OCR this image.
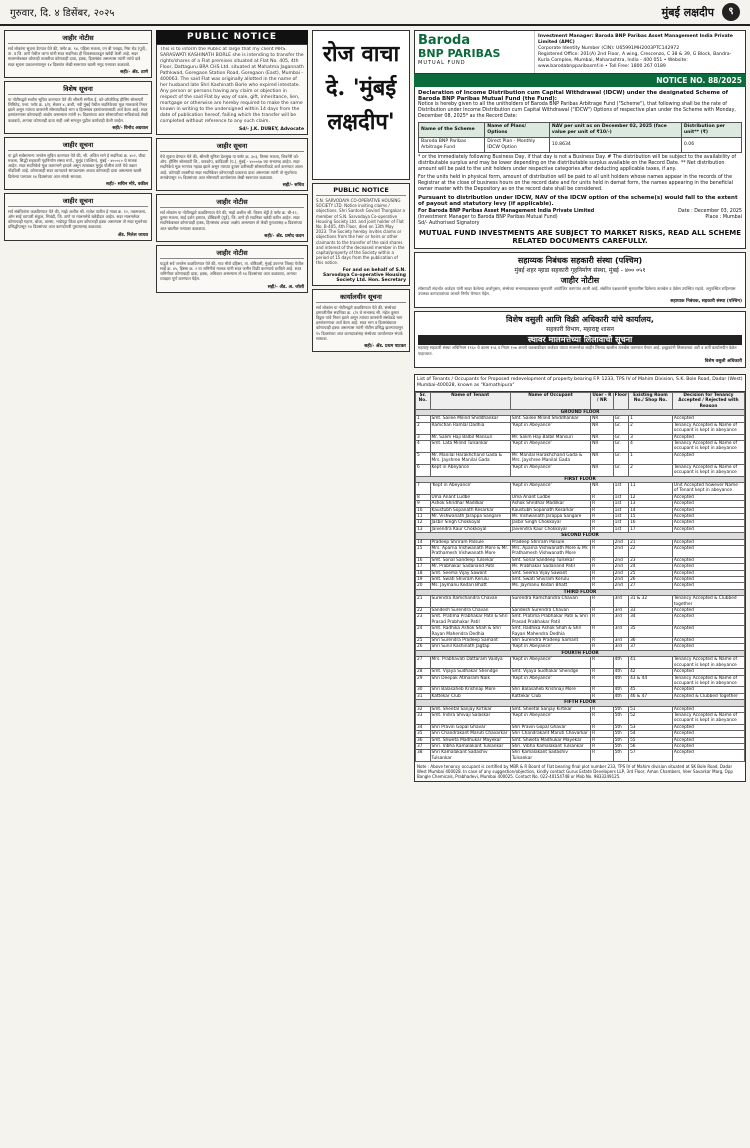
गुरुवार, दि. ४ डिसेंबर, २०२५	मुंबई लक्षदीप	९
जाहीर नोटीस
सर्व लोकांना सूचना देण्यात येते की, फ्लॅट क्र. ९४, पहिला मजला, एन बी प्लाझा, मिरा रोड (पूर्व), ता. व जि. ठाणे येथील जागा यांनी सदर सदनिका ही विकसकाकडून खरेदी केली आहे. सदर मालमत्तेबाबत कोणाही व्यक्तीचा कोणताही दावा, हक्क, हितसंबंध असल्यास त्यांनी त्यांचे दावे सदर सूचना प्रकाशनापासून १४ दिवसांत लेखी स्वरूपात खाली नमूद पत्त्यावर कळवावे.
सही/- ॲड. ठाणे
विशेष सूचना
या नोटीसद्वारे सर्वांना सूचित करण्यात येते की श्रीमती संगीता ई. को-ऑपरेटिव्ह हौसिंग सोसायटी लिमिटेड, पत्ता: प्लॉट क्र. ३/ए, सेक्टर ४, वाशी, नवी मुंबई येथील सदनिकेच्या मूळ मालकाचे निधन झाले असून त्यांच्या वारसांनी सोसायटीकडे भाग व हितसंबंध हस्तांतरणासाठी अर्ज केला आहे. सदर हस्तांतरणास कोणाचाही आक्षेप असल्यास त्यांनी १५ दिवसांच्या आत सोसायटीच्या सचिवांकडे लेखी कळवावे, अन्यथा कोणताही दावा नाही असे समजून पुढील कार्यवाही केली जाईल.
सही/- विनोद अग्रवाल
जाहीर सूचना
या द्वारे सर्वसामान्य जनतेस सूचित करण्यात येते की, श्री. अजित माने हे सदनिका क्र. ४०२, चौथा मजला, सिद्धी सहकारी गृहनिर्माण संस्था मर्या., मुलुंड (पश्चिम), मुंबई - ४०००८० चे मालक आहेत. सदर सदनिकेचे मूळ करारनामे हरवले असून त्याबाबत मुलुंड पोलीस ठाणे येथे तक्रार नोंदविली आहे. कोणालाही सदर कागदपत्रे सापडल्यास अथवा कोणताही दावा असल्यास खाली दिलेल्या पत्त्यावर १४ दिवसांच्या आत संपर्क साधावा.
सही/- सचिन मोरे, वकील
जाहीर सूचना
सर्व संबंधितांना कळविण्यात येते की, माझे अशील श्री. राजेश पाटील हे गाळा क्र. १२, तळमजला, ओम साई व्यापारी संकुल, भिवंडी, जि. ठाणे या मालमत्तेचे खरेदीदार आहेत. सदर मालमत्तेवर कोणाचाही गहाण, बोजा, वारसा, भाडेपट्टा किंवा इतर कोणताही हक्क असल्यास तो सदर सूचनेच्या प्रसिद्धीपासून १४ दिवसांच्या आत कागदोपत्री पुराव्यासह कळवावा.
ॲड. निलेश जाधव
PUBLIC NOTICE
This is to inform the Public at large that my client MRS. SARASWATI KASHINATH BORLE she is intending to transfer the rights/shares of a Flat premises situated at Flat No. 405, 4th Floor, Dattaguru BRA CHS Ltd. situated at Mahatma Jagannath Pathkwad, Goregaon Station Road, Goregaon (East), Mumbai - 400063. The said Flat was originally allotted in the name of her husband late Shri Kashinath Borle who expired intestate. Any person or persons having any claim or objection in respect of the said Flat by way of sale, gift, inheritance, lien, mortgage or otherwise are hereby required to make the same known in writing to the undersigned within 14 days from the date of publication hereof, failing which the transfer will be completed without reference to any such claim.
Sd/- J.K. DUBEY, Advocate
जाहीर सूचना
येथे सूचना देण्यात येते की, श्रीमती सुनिता देशमुख या फ्लॅट क्र. ३०३, तिसरा मजला, शिवनेरी को-ऑप. हौसिंग सोसायटी लि., चारकोप, कांदिवली (प.), मुंबई - ४०००६७ च्या सभासद आहेत. सदर सदनिकेचे मूळ भागपत्र गहाळ झाले असून त्याच्या दुय्यम प्रतीसाठी सोसायटीकडे अर्ज करण्यात आला आहे. कोणाही व्यक्तीचा सदर सदनिकेवर कोणत्याही प्रकारचा दावा असल्यास त्यांनी तो सूचनेच्या तारखेपासून १५ दिवसांच्या आत सोसायटी कार्यालयात लेखी स्वरूपात कळवावा.
सही/- सचिव
जाहीर नोटीस
सर्व लोकांस या नोटीसद्वारे कळविण्यात येते की, माझे अशील श्री. किरण शेट्टी हे फ्लॅट क्र. बी-१२, दुसरा मजला, साई दर्शन इमारत, डोंबिवली (पूर्व), जि. ठाणे ही सदनिका खरेदी करीत आहेत. सदर सदनिकेबाबत कोणाचाही हक्क, हितसंबंध अथवा आक्षेप असल्यास तो लेखी पुराव्यासह ७ दिवसांच्या आत खालील पत्त्यावर कळवावा.
सही/- ॲड. प्रमोद कदम
जाहीर नोटीस
याद्वारे सर्व जनतेस कळविण्यात येते की, गाव मौजे दहिसर, ता. बोरिवली, मुंबई उपनगर जिल्हा येथील सर्व्हे क्र. ४५, हिस्सा क्र. २ या जमिनीचे मालक यांनी सदर जमीन विक्री करण्याचे ठरविले आहे. सदर जमिनीवर कोणाचाही दावा, हक्क, अधिकार असल्यास तो १४ दिवसांच्या आत कळवावा, अन्यथा व्यवहार पूर्ण करण्यात येईल.
सही/- ॲड. अ. जोशी
रोज वाचा दे. 'मुंबई लक्षदीप'
PUBLIC NOTICE
S.N. SARVODAYA CO-OPERATIVE HOUSING SOCIETY LTD. Notice inviting claims / objections. Shri Santosh Govind Thorgakar a member of S.N. Sarvodaya Co-operative Housing Society Ltd. and joint holder of Flat No. B-405, 4th Floor, died on 13th May 2023. The Society hereby invites claims or objections from the heir or heirs or other claimants to the transfer of the said shares and interest of the deceased member in the capital/property of the Society within a period of 15 days from the publication of this notice.
For and on behalf of S.N. Sarvodaya Co-operative Housing Society Ltd. Hon. Secretary
कार्यालयीन सूचना
सर्व लोकांस या नोटीसद्वारे कळविण्यात येते की, संस्थेच्या इमारतीतील सदनिका क्र. ८/१ चे सभासद श्री. महेश कुमार विठ्ठल यांचे निधन झाले असून त्यांच्या वारसांनी संस्थेकडे भाग हस्तांतरणाचा अर्ज केला आहे. सदर भाग व हितसंबंधावर कोणाचाही हक्क असल्यास त्यांनी नोटीस प्रसिद्ध झाल्यापासून १५ दिवसांच्या आत कागदपत्रांसह संस्थेच्या कार्यालयात संपर्क साधावा.
सही/- ॲड. प्रथम पाटकर
Baroda
BNP PARIBAS
MUTUAL FUND
Investment Manager: Baroda BNP Paribas Asset Management India Private Limited (AMC)
Corporate Identity Number (CIN): U65991MH2003PTC142972
Registered Office: 201(A) 2nd Floor, A wing, Crescenzo, C 38 & 39, G Block, Bandra-Kurla Complex, Mumbai, Maharashtra, India - 400 051 • Website: www.barodabnpparibasmf.in • Toll Free: 1800 267 0189
NOTICE NO. 88/2025
Declaration of Income Distribution cum Capital Withdrawal (IDCW) under the designated Scheme of Baroda BNP Paribas Mutual Fund (the Fund):
Notice is hereby given to all the unitholders of Baroda BNP Paribas Arbitrage Fund ("Scheme"), that following shall be the rate of Distribution under Income Distribution cum Capital Withdrawal ("IDCW") Options of respective plan under the Scheme with Monday, December 08, 2025* as the Record Date:
Name of the Scheme	Name of Plans/ Options	NAV per unit as on December 02, 2025 (face value per unit of ₹10/-)	Distribution per unit** (₹)
Baroda BNP Paribas Arbitrage Fund	Direct Plan - Monthly IDCW Option	10.8634	0.06
* or the immediately following Business Day, if that day is not a Business Day. # The distribution will be subject to the availability of distributable surplus and may be lower depending on the distributable surplus available on the Record Date. ** Net distribution amount will be paid to the unit holders under respective categories after deducting applicable taxes, if any.
For the units held in physical form, amount of distribution will be paid to all unit holders whose names appear in the records of the Registrar at the close of business hours on the record date and for units held in demat form, the names appearing in the beneficial owner master with the Depository as on the record date shall be considered.
Pursuant to distribution under IDCW, NAV of the IDCW option of the scheme(s) would fall to the extent of payout and statutory levy (if applicable).
For Baroda BNP Paribas Asset Management India Private Limited
(Investment Manager to Baroda BNP Paribas Mutual Fund)
Sd/- Authorised Signatory
Date : December 03, 2025
Place : Mumbai
MUTUAL FUND INVESTMENTS ARE SUBJECT TO MARKET RISKS, READ ALL SCHEME RELATED DOCUMENTS CAREFULLY.
सहाय्यक निबंधक सहकारी संस्था (पश्चिम)
मुंबई शहर म्हाडा सहकारी गृहनिर्माण संस्था, मुंबई - ४०० ०५१
जाहीर नोटीस
सोसायटी संदर्भात अर्जदार यांनी सादर केलेल्या अर्जानुसार, संस्थेच्या सभासदत्वाबाबत सुनावणी आयोजित करण्यात आली आहे. संबंधित पक्षकारांनी सुनावणीस दिलेल्या तारखेस व वेळेस उपस्थित राहावे. अनुपस्थित राहिल्यास उपलब्ध कागदपत्रांच्या आधारे निर्णय घेण्यात येईल.
सहाय्यक निबंधक, सहकारी संस्था (पश्चिम)
विशेष वसुली आणि विक्री अधिकारी यांचे कार्यालय,
सहकारी विभाग, महाराष्ट्र शासन
स्थावर मालमत्तेच्या लिलावाची सूचना
महाराष्ट्र सहकारी संस्था अधिनियम १९६० चे कलम १५६ व नियम १०७ अन्वये थकबाकीदार कर्जदार यांच्या मालमत्तेचा जाहीर लिलाव खालील तारखेस करण्यात येणार आहे. इच्छुकांनी लिलावाच्या अटी व शर्ती कार्यालयीन वेळेत पाहाव्यात.
विशेष वसुली अधिकारी
List of Tenants / Occupants for Proposed redevelopment of property bearing F.P. 1233, TPS IV of Mahim Division, S.K. Bole Road, Dadar (West) Mumbai-400028, known as "Kamathipura"
Sr. No.	Name of Tenant	Name of Occupant	User - R / NR	Floor	Existing Room No./ Shop No.	Decision for Tenancy Accepted / Rejected with Reason
GROUND FLOOR						
1	Smt. Sailee Milind Shiddhankar	Smt. Sailee Milind Shiddhankar	NR	Gr.	1	Accepted
2	Ramchan Ramlal Dadhia	'Kept in Abeyance'	NR	Gr.	2	Tenancy Accepted & Name of occupant is kept in abeyance
3	Mr. Salim Haji Balbil Mansuri	Mr. Salim Haji Balbil Mansuri	NR	Gr.	3	Accepted
4	Smt. Lata Milind Tulsankar	'Kept in Abeyance'	NR	Gr.	4	Tenancy Accepted & Name of occupant is kept in abeyance
5	Mr. Manilal Harakhchand Gada & Mrs. Jayshree Manilal Gada	Mr. Manilal Harakhchand Gada & Mrs. Jayshree Manilal Gada	NR	Gr.	1	Accepted
6	Kept in Abeyance	'Kept in Abeyance'	NR	Gr.	2	Tenancy Accepted & Name of occupant is kept in abeyance
FIRST FLOOR						
7	'Kept in Abeyance'	'Kept in Abeyance'	NR	1st	11	Unit Accepted however Name of Tenant kept in abeyance
8	Uma Anant Ludbe	Uma Anant Ludbe	R	1st	12	Accepted
9	Ashok Shridhar Madilkar	Ashok Shridhar Madilkar	R	1st	13	Accepted
10	Kaustubh Sopanath Kesarkar	Kaustubh Sopanath Kesarkar	R	1st	14	Accepted
11	Mr. Vishwanath Jarappa Sangare	Mr. Vishwanath Jarappa Sangare	R	1st	15	Accepted
12	Jasbir Singh Chokkoyal	Jasbir Singh Chokkoyal	R	1st	16	Accepted
13	Jaivendra Kaur Chokkoyal	Jaivendra Kaur Chokkoyal	R	1st	17	Accepted
SECOND FLOOR						
14	Pradeep Shriram Palsule	Pradeep Shriram Palsule	R	2nd	21	Accepted
15	Mrs. Aparna Vishwanath More & Mr. Prathamesh Vishwanath More	Mrs. Aparna Vishwanath More & Mr. Prathamesh Vishwanath More	R	2nd	22	Accepted
16	Smt. Sonal Sandeep Tulsekar	Smt. Sonal Sandeep Tulsekar	R	2nd	23	Accepted
17	Mr. Prabhakar Sadanand Patil	Mr. Prabhakar Sadanand Patil	R	2nd	24	Accepted
18	Smt. Seema Vijay Sawant	Smt. Seema Vijay Sawant	R	2nd	25	Accepted
19	Smt. Swati Shivram Kerulu	Smt. Swati Shivram Kerulu	R	2nd	26	Accepted
20	Ms. Jaymanu Kedari Bhatt	Ms. Jaymanu Kedari Bhatt	R	2nd	27	Accepted
THIRD FLOOR						
21	Surendra Ramchandra Chavan	Surendra Ramchandra Chavan	R	3rd	31 & 32	Tenancy Accepted & Clubbed together
22	Sandesh Surendra Chavan	Sandesh Surendra Chavan	R	3rd	33	Accepted
23	Smt. Pratima Prabhakar Patil & Shri Prasad Prabhakar Patil	Smt. Pratima Prabhakar Patil & Shri Prasad Prabhakar Patil	R	3rd	34	Accepted
24	Smt. Radhika Ashok Shah & Shri Rayan Mahendra Dedhia	Smt. Radhika Ashok Shah & Shri Rayan Mahendra Dedhia	R	3rd	35	Accepted
25	Shri Surendra Pradeep Samant	Shri Surendra Pradeep Samant	R	3rd	36	Accepted
26	Shri Sunil Kashinath Jagtap	'Kept in Abeyance'	R	3rd	37	Accepted
FOURTH FLOOR						
27	Mrs. Prabhavati Dattaram Vaidya	'Kept in Abeyance'	R	4th	41	Tenancy Accepted & Name of occupant is kept in abeyance
28	Smt. Vijaya Sudhakar Shendge	Smt. Vijaya Sudhakar Shendge	R	4th	42	Accepted
29	Shri Deepak Atmaram Naik	'Kept in Abeyance'	R	4th	43 & 44	Tenancy Accepted & Name of occupant is kept in abeyance
30	Shri Balasaheb Krishnaji More	Shri Balasaheb Krishnaji More	R	4th	45	Accepted
31	Kattekar Club	Kattekar Club	R	4th	46 & 47	Accepted & Clubbed Together
FIFTH FLOOR						
32	Smt. Sheetal Sanjay Kirtikar	Smt. Sheetal Sanjay Kirtikar	R	5th	51	Accepted
33	Smt. Indira Shivaji Salaskar	'Kept in Abeyance'	R	5th	52	Tenancy Accepted & Name of occupant is kept in abeyance
34	Shri Pravin Gopal Ghavar	Shri Pravin Gopal Ghavar	R	5th	53	Accepted
35	Shri Chandrakant Maruti Chavarkar	Shri Chandrakant Maruti Chavarkar	R	5th	54	Accepted
36	Smt. Shweta Madhukar Mayekar	Smt. Shweta Madhukar Mayekar	R	5th	55	Accepted
37	Shri. Vibha Kamalakant Tulsankar	Shri. Vibha Kamalakant Tulsankar	R	5th	56	Accepted
38	Shri Kamalakant Sadashiv Tulsankar	Shri Kamalakant Sadashiv Tulsankar	R	5th	57	Accepted
Note : Above tenancy occupant is certified by MBR & R Board of Flat bearing final plot number 233, TPS IV of Mahim division situated at SK Bole Road, Dadar West Mumbai 400028. In case of any suggestion/objection, kindly contact Gurus Estate Developers LLP, 3rd Floor, Aman Chambers, Veer Savarkar Marg, Opp Bangle Chemicals, Prabhadevi, Mumbai 400025. Contact No. 022-40154748 or Mob No. 9833249125.
